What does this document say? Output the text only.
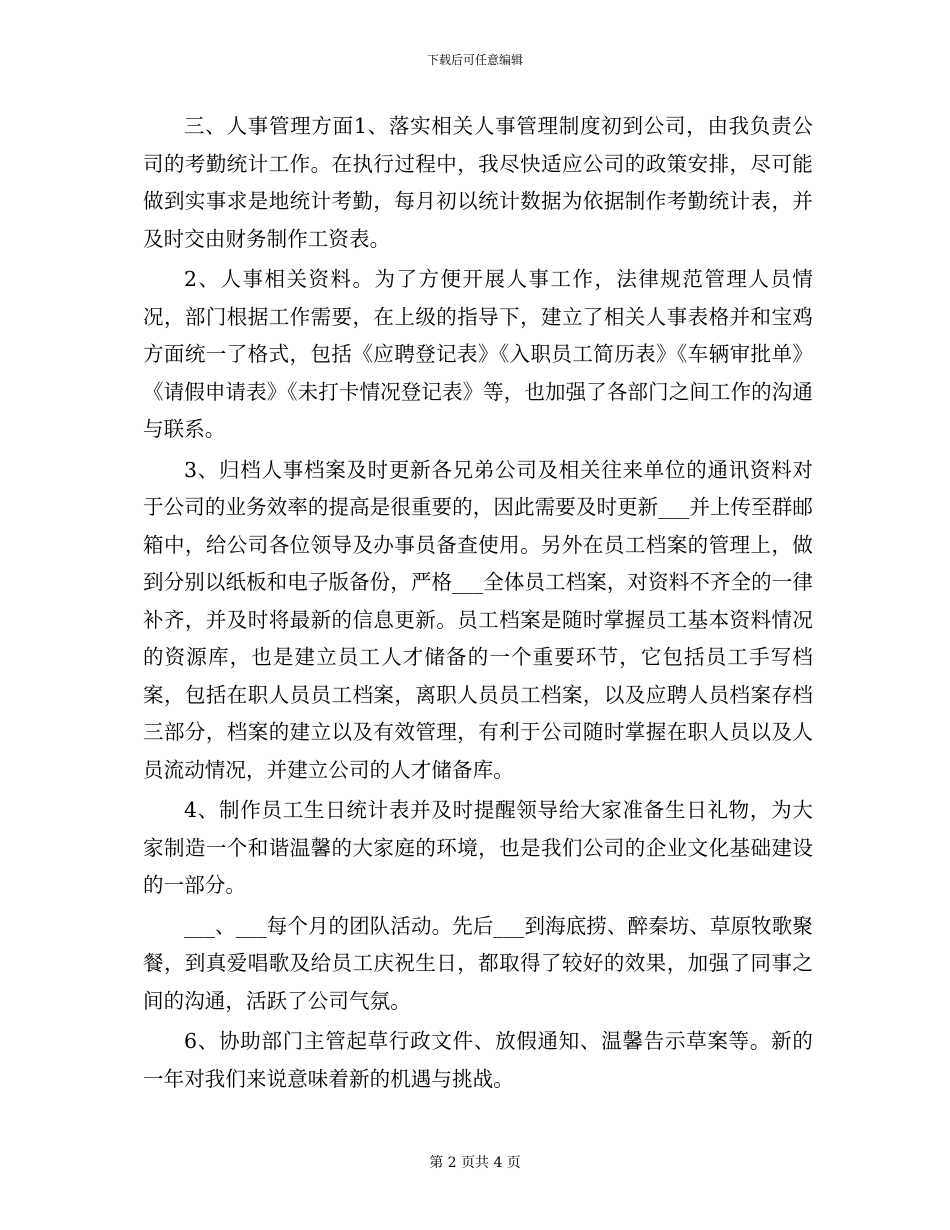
下载后可任意编辑

三、人事管理方面1、落实相关人事管理制度初到公司，由我负责公司的考勤统计工作。在执行过程中，我尽快适应公司的政策安排，尽可能做到实事求是地统计考勤，每月初以统计数据为依据制作考勤统计表，并及时交由财务制作工资表。

2、人事相关资料。为了方便开展人事工作，法律规范管理人员情况，部门根据工作需要，在上级的指导下，建立了相关人事表格并和宝鸡方面统一了格式，包括《应聘登记表》《入职员工简历表》《车辆审批单》《请假申请表》《未打卡情况登记表》等，也加强了各部门之间工作的沟通与联系。

3、归档人事档案及时更新各兄弟公司及相关往来单位的通讯资料对于公司的业务效率的提高是很重要的，因此需要及时更新___并上传至群邮箱中，给公司各位领导及办事员备查使用。另外在员工档案的管理上，做到分别以纸板和电子版备份，严格___全体员工档案，对资料不齐全的一律补齐，并及时将最新的信息更新。员工档案是随时掌握员工基本资料情况的资源库，也是建立员工人才储备的一个重要环节，它包括员工手写档案，包括在职人员员工档案，离职人员员工档案，以及应聘人员档案存档三部分，档案的建立以及有效管理，有利于公司随时掌握在职人员以及人员流动情况，并建立公司的人才储备库。

4、制作员工生日统计表并及时提醒领导给大家准备生日礼物，为大家制造一个和谐温馨的大家庭的环境，也是我们公司的企业文化基础建设的一部分。

___、___每个月的团队活动。先后___到海底捞、醉秦坊、草原牧歌聚餐，到真爱唱歌及给员工庆祝生日，都取得了较好的效果，加强了同事之间的沟通，活跃了公司气氛。

6、协助部门主管起草行政文件、放假通知、温馨告示草案等。新的一年对我们来说意味着新的机遇与挑战。

第 2 页共 4 页
